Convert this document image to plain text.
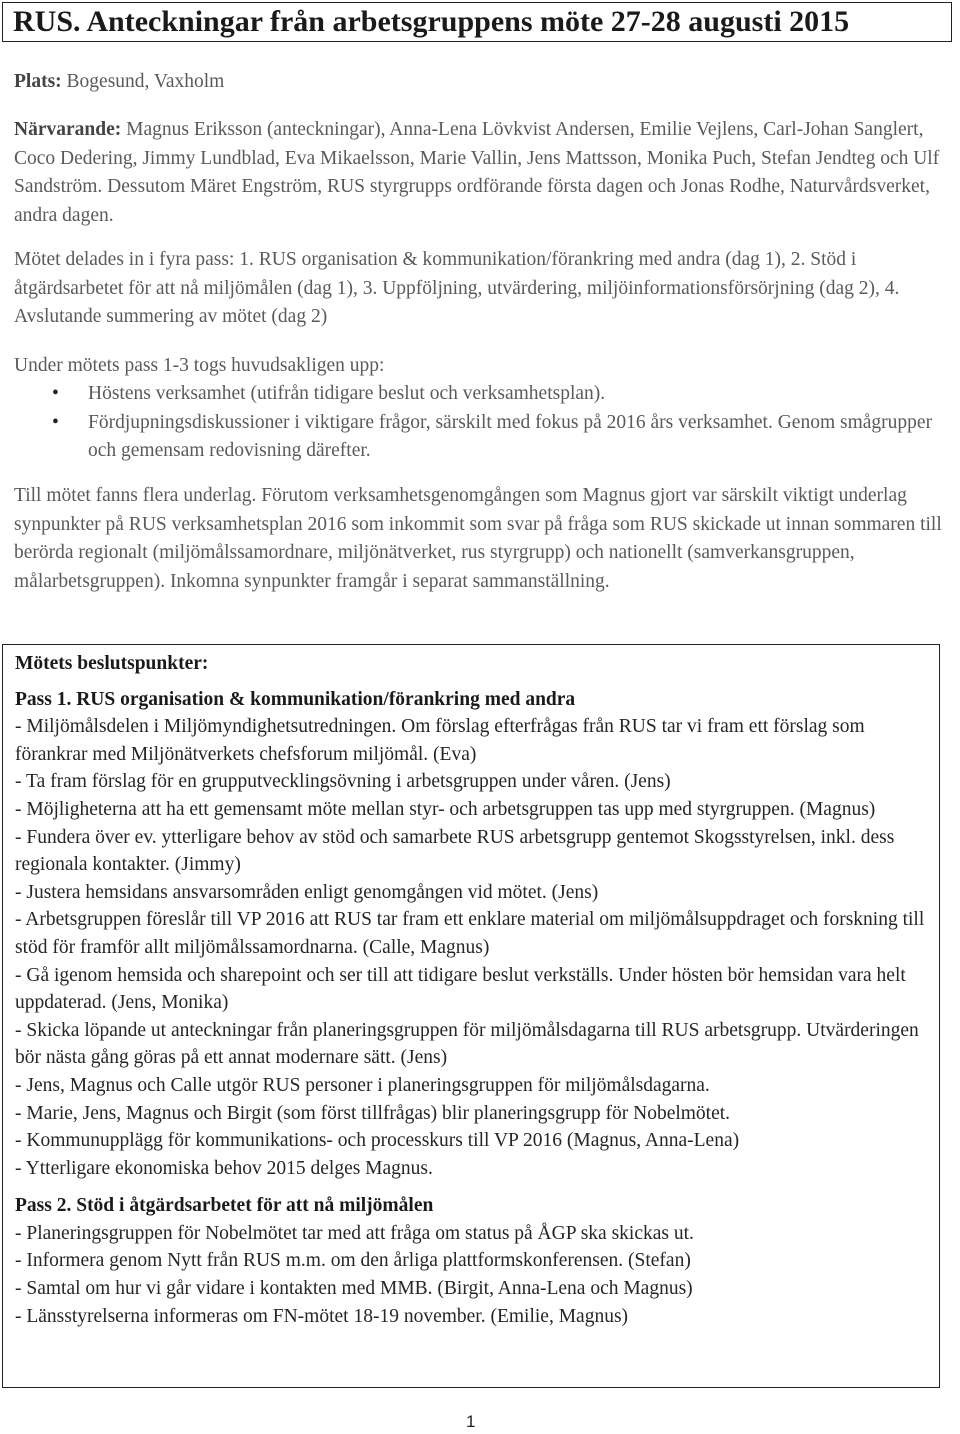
RUS. Anteckningar från arbetsgruppens möte 27-28 augusti 2015
Plats: Bogesund, Vaxholm
Närvarande: Magnus Eriksson (anteckningar), Anna-Lena Lövkvist Andersen, Emilie Vejlens, Carl-Johan Sanglert, Coco Dedering, Jimmy Lundblad, Eva Mikaelsson, Marie Vallin, Jens Mattsson, Monika Puch, Stefan Jendteg och Ulf Sandström. Dessutom Märet Engström, RUS styrgrupps ordförande första dagen och Jonas Rodhe, Naturvårdsverket, andra dagen.
Mötet delades in i fyra pass: 1. RUS organisation & kommunikation/förankring med andra (dag 1), 2. Stöd i åtgärdsarbetet för att nå miljömålen (dag 1), 3. Uppföljning, utvärdering, miljöinformationsförsörjning (dag 2), 4. Avslutande summering av mötet (dag 2)
Under mötets pass 1-3 togs huvudsakligen upp:
• Höstens verksamhet (utifrån tidigare beslut och verksamhetsplan).
• Fördjupningsdiskussioner i viktigare frågor, särskilt med fokus på 2016 års verksamhet. Genom smågrupper och gemensam redovisning därefter.
Till mötet fanns flera underlag. Förutom verksamhetsgenomgången som Magnus gjort var särskilt viktigt underlag synpunkter på RUS verksamhetsplan 2016 som inkommit som svar på fråga som RUS skickade ut innan sommaren till berörda regionalt (miljömålssamordnare, miljönätverket, rus styrgrupp) och nationellt (samverkansgruppen, målarbetsgruppen). Inkomna synpunkter framgår i separat sammanställning.
Mötets beslutspunkter:
Pass 1. RUS organisation & kommunikation/förankring med andra
- Miljömålsdelen i Miljömyndighetsutredningen. Om förslag efterfrågas från RUS tar vi fram ett förslag som förankrar med Miljönätverkets chefsforum miljömål. (Eva)
- Ta fram förslag för en grupputvecklingsövning i arbetsgruppen under våren. (Jens)
- Möjligheterna att ha ett gemensamt möte mellan styr- och arbetsgruppen tas upp med styrgruppen. (Magnus)
- Fundera över ev. ytterligare behov av stöd och samarbete RUS arbetsgrupp gentemot Skogsstyrelsen, inkl. dess regionala kontakter. (Jimmy)
- Justera hemsidans ansvarsområden enligt genomgången vid mötet. (Jens)
- Arbetsgruppen föreslår till VP 2016 att RUS tar fram ett enklare material om miljömålsuppdraget och forskning till stöd för framför allt miljömålssamordnarna. (Calle, Magnus)
- Gå igenom hemsida och sharepoint och ser till att tidigare beslut verkställs. Under hösten bör hemsidan vara helt uppdaterad. (Jens, Monika)
- Skicka löpande ut anteckningar från planeringsgruppen för miljömålsdagarna till RUS arbetsgrupp. Utvärderingen bör nästa gång göras på ett annat modernare sätt. (Jens)
- Jens, Magnus och Calle utgör RUS personer i planeringsgruppen för miljömålsdagarna.
- Marie, Jens, Magnus och Birgit (som först tillfrågas) blir planeringsgrupp för Nobelmötet.
- Kommunupplägg för kommunikations- och processkurs till VP 2016 (Magnus, Anna-Lena)
- Ytterligare ekonomiska behov 2015 delges Magnus.
Pass 2. Stöd i åtgärdsarbetet för att nå miljömålen
- Planeringsgruppen för Nobelmötet tar med att fråga om status på ÅGP ska skickas ut.
- Informera genom Nytt från RUS m.m. om den årliga plattformskonferensen. (Stefan)
- Samtal om hur vi går vidare i kontakten med MMB. (Birgit, Anna-Lena och Magnus)
- Länsstyrelserna informeras om FN-mötet 18-19 november. (Emilie, Magnus)
1
